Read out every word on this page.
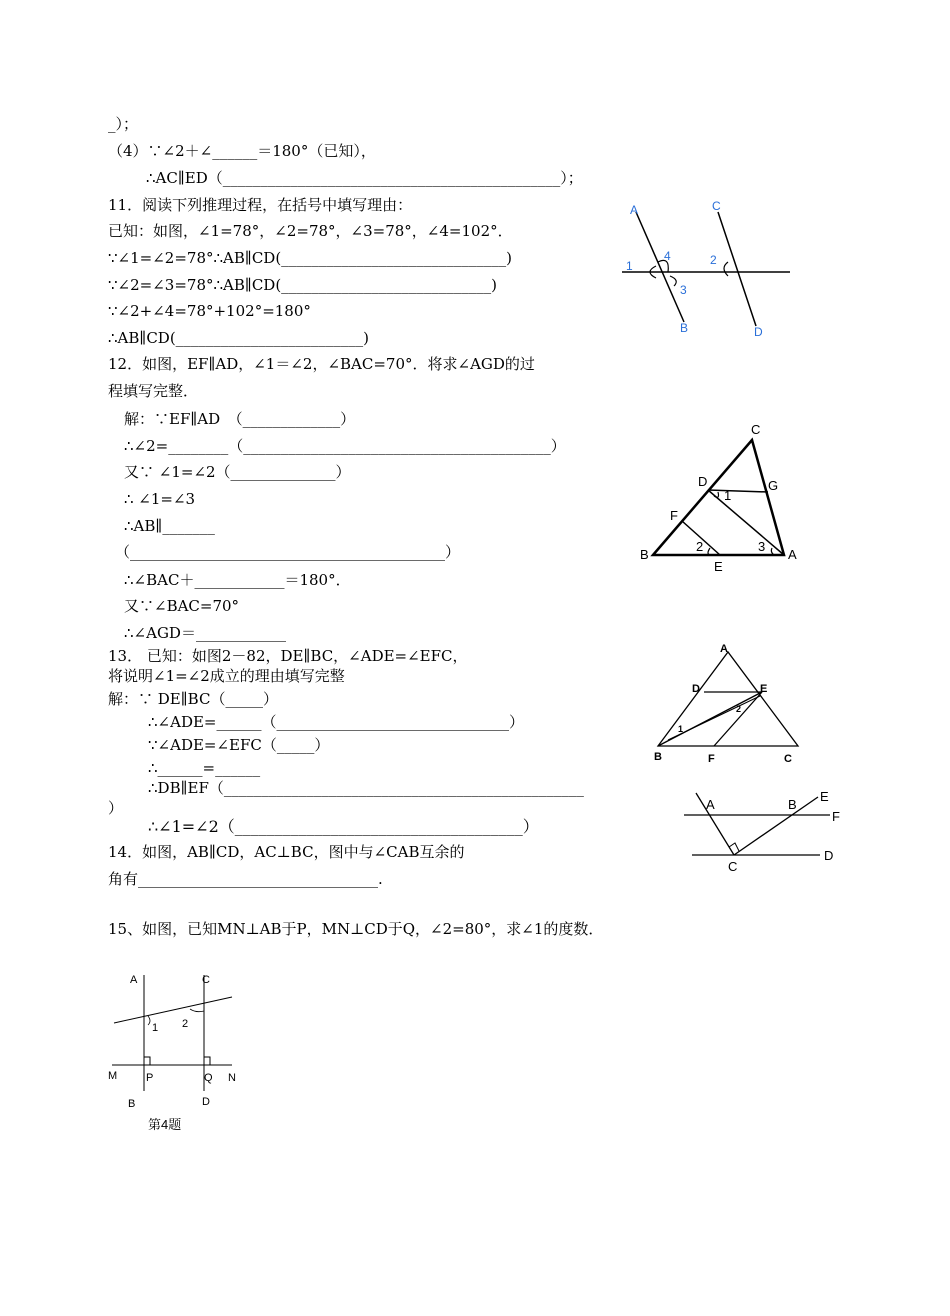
_）；
（4）∵∠2＋∠______＝180°（已知），
∴AC∥ED（_____________________________________________）；
11．阅读下列推理过程，在括号中填写理由：
已知：如图，∠1=78°，∠2=78°，∠3=78°，∠4=102°．
∵∠1=∠2=78°∴AB∥CD(______________________________)
∵∠2=∠3=78°∴AB∥CD(____________________________)
∵∠2+∠4=78°+102°=180°
∴AB∥CD(_________________________)
12．如图，EF∥AD，∠1＝∠2，∠BAC=70°．将求∠AGD的过
程填写完整．
解：∵EF∥AD　（_____________）
∴∠2=________（_________________________________________）
又∵ ∠1=∠2（______________）
∴ ∠1=∠3
∴AB∥_______
（__________________________________________）
∴∠BAC＋____________＝180°．
又∵∠BAC=70°
∴∠AGD＝____________
13． 已知：如图2－82，DE∥BC，∠ADE=∠EFC，
将说明∠1=∠2成立的理由填写完整
解：∵ DE∥BC（_____）
∴∠ADE=______（_______________________________）
∵∠ADE=∠EFC（_____）
∴______=______
∴DB∥EF（________________________________________________
）
∴∠1=∠2（____________________________________）
14．如图，AB∥CD，AC⊥BC，图中与∠CAB互余的
角有________________________________.
15、如图，已知MN⊥AB于P，MN⊥CD于Q，∠2=80°，求∠1的度数．
A	C
B	D
1
4
3
2
C
D	G
1
F
2	3
B	A
E
A
D	E
1
2
B	F	C
A	B
E
F
C
D
A	C
1 2
M	P	Q N
B	D
第4题
